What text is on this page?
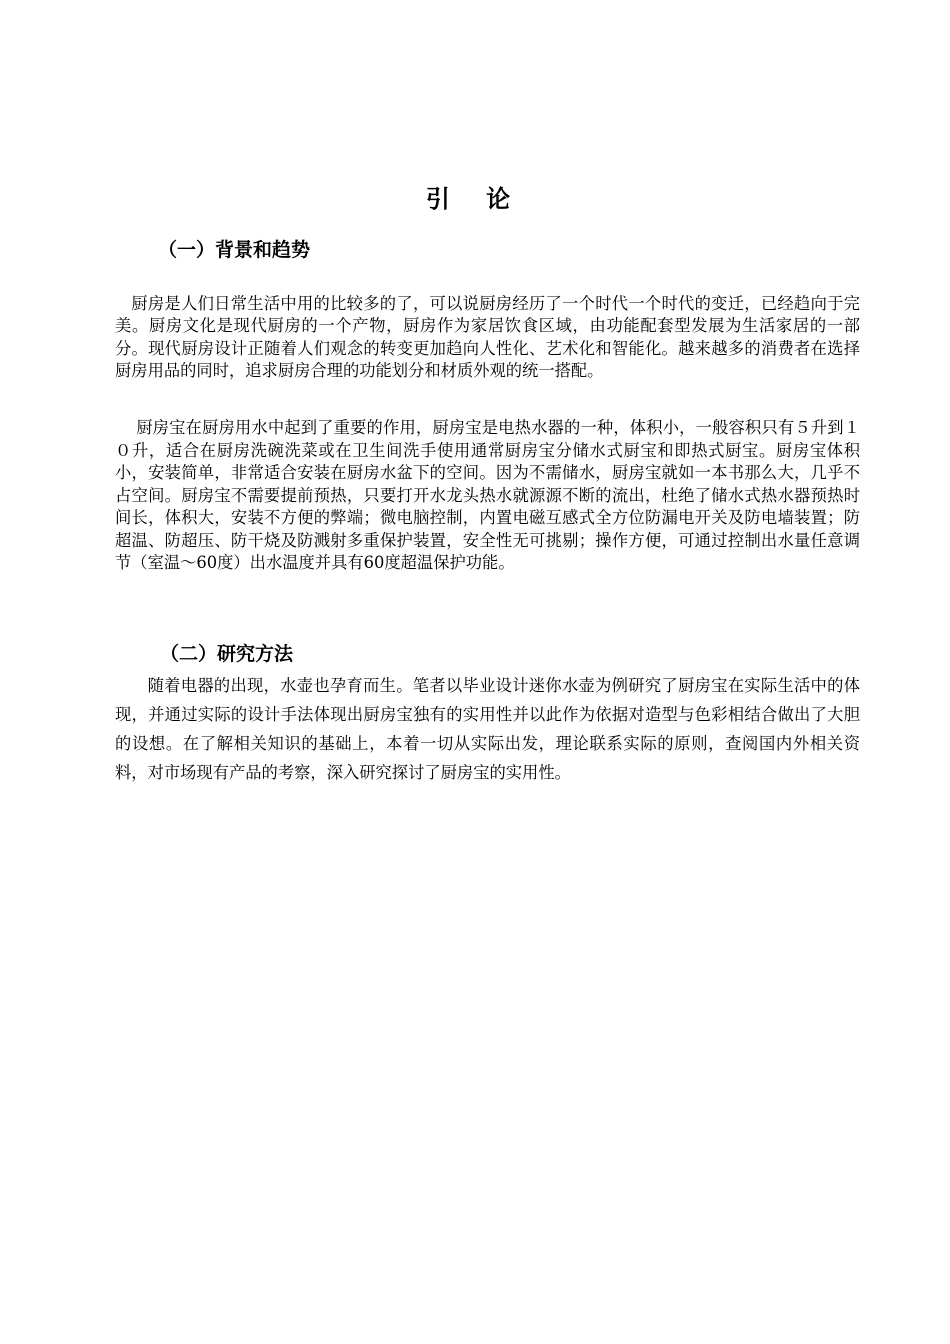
引 论
（一）背景和趋势

厨房是人们日常生活中用的比较多的了，可以说厨房经历了一个时代一个时代的变迁，已经趋向于完美。厨房文化是现代厨房的一个产物，厨房作为家居饮食区域，由功能配套型发展为生活家居的一部分。现代厨房设计正随着人们观念的转变更加趋向人性化、艺术化和智能化。越来越多的消费者在选择厨房用品的同时，追求厨房合理的功能划分和材质外观的统一搭配。

厨房宝在厨房用水中起到了重要的作用，厨房宝是电热水器的一种，体积小，一般容积只有５升到１０升，适合在厨房洗碗洗菜或在卫生间洗手使用通常厨房宝分储水式厨宝和即热式厨宝。厨房宝体积小，安装简单，非常适合安装在厨房水盆下的空间。因为不需储水，厨房宝就如一本书那么大，几乎不占空间。厨房宝不需要提前预热，只要打开水龙头热水就源源不断的流出，杜绝了储水式热水器预热时间长，体积大，安装不方便的弊端；微电脑控制，内置电磁互感式全方位防漏电开关及防电墙装置；防超温、防超压、防干烧及防溅射多重保护装置，安全性无可挑剔；操作方便，可通过控制出水量任意调节（室温～60度）出水温度并具有60度超温保护功能。

（二）研究方法

随着电器的出现，水壶也孕育而生。笔者以毕业设计迷你水壶为例研究了厨房宝在实际生活中的体现，并通过实际的设计手法体现出厨房宝独有的实用性并以此作为依据对造型与色彩相结合做出了大胆的设想。在了解相关知识的基础上，本着一切从实际出发，理论联系实际的原则，查阅国内外相关资料，对市场现有产品的考察，深入研究探讨了厨房宝的实用性。
